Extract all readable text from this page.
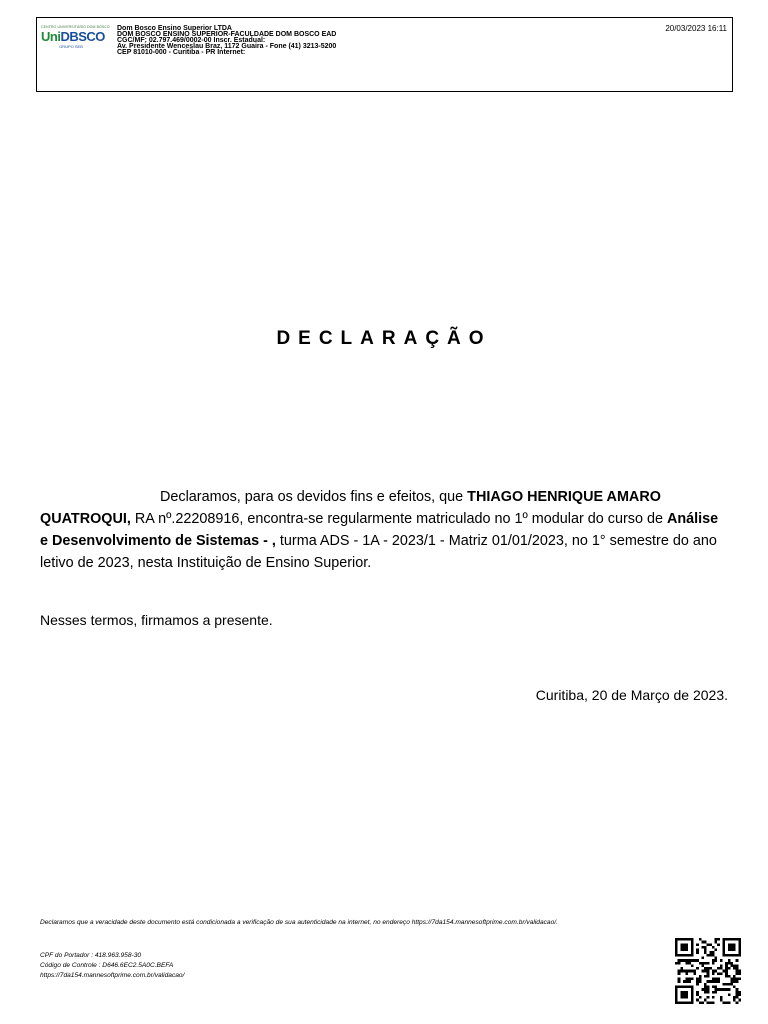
CENTRO UNIVERSITÁRIO DOM BOSCO
UniDBSCO
GRUPO SEB
Dom Bosco Ensino Superior LTDA
DOM BOSCO ENSINO SUPERIOR-FACULDADE DOM BOSCO EAD
CGC/MF: 02.797.469/0002-00 Inscr. Estadual:
Av. Presidente Wenceslau Braz, 1172 Guaira - Fone (41) 3213-5200
CEP 81010-000 - Curitiba - PR Internet:
20/03/2023 16:11
DECLARAÇÃO
Declaramos, para os devidos fins e efeitos, que THIAGO HENRIQUE AMARO QUATROQUI, RA nº.22208916, encontra-se regularmente matriculado no 1º modular do curso de Análise e Desenvolvimento de Sistemas - , turma ADS - 1A - 2023/1 - Matriz 01/01/2023, no 1° semestre do ano letivo de 2023, nesta Instituição de Ensino Superior.
Nesses termos, firmamos a presente.
Curitiba, 20 de Março de 2023.
Declaramos que a veracidade deste documento está condicionada a verificação de sua autenticidade na internet, no endereço https://7da154.mannesoftprime.com.br/validacao/.
CPF do Portador : 418.963.958-30
Código de Controle : D646.6EC2.5A0C.BEFA
https://7da154.mannesoftprime.com.br/validacao/
